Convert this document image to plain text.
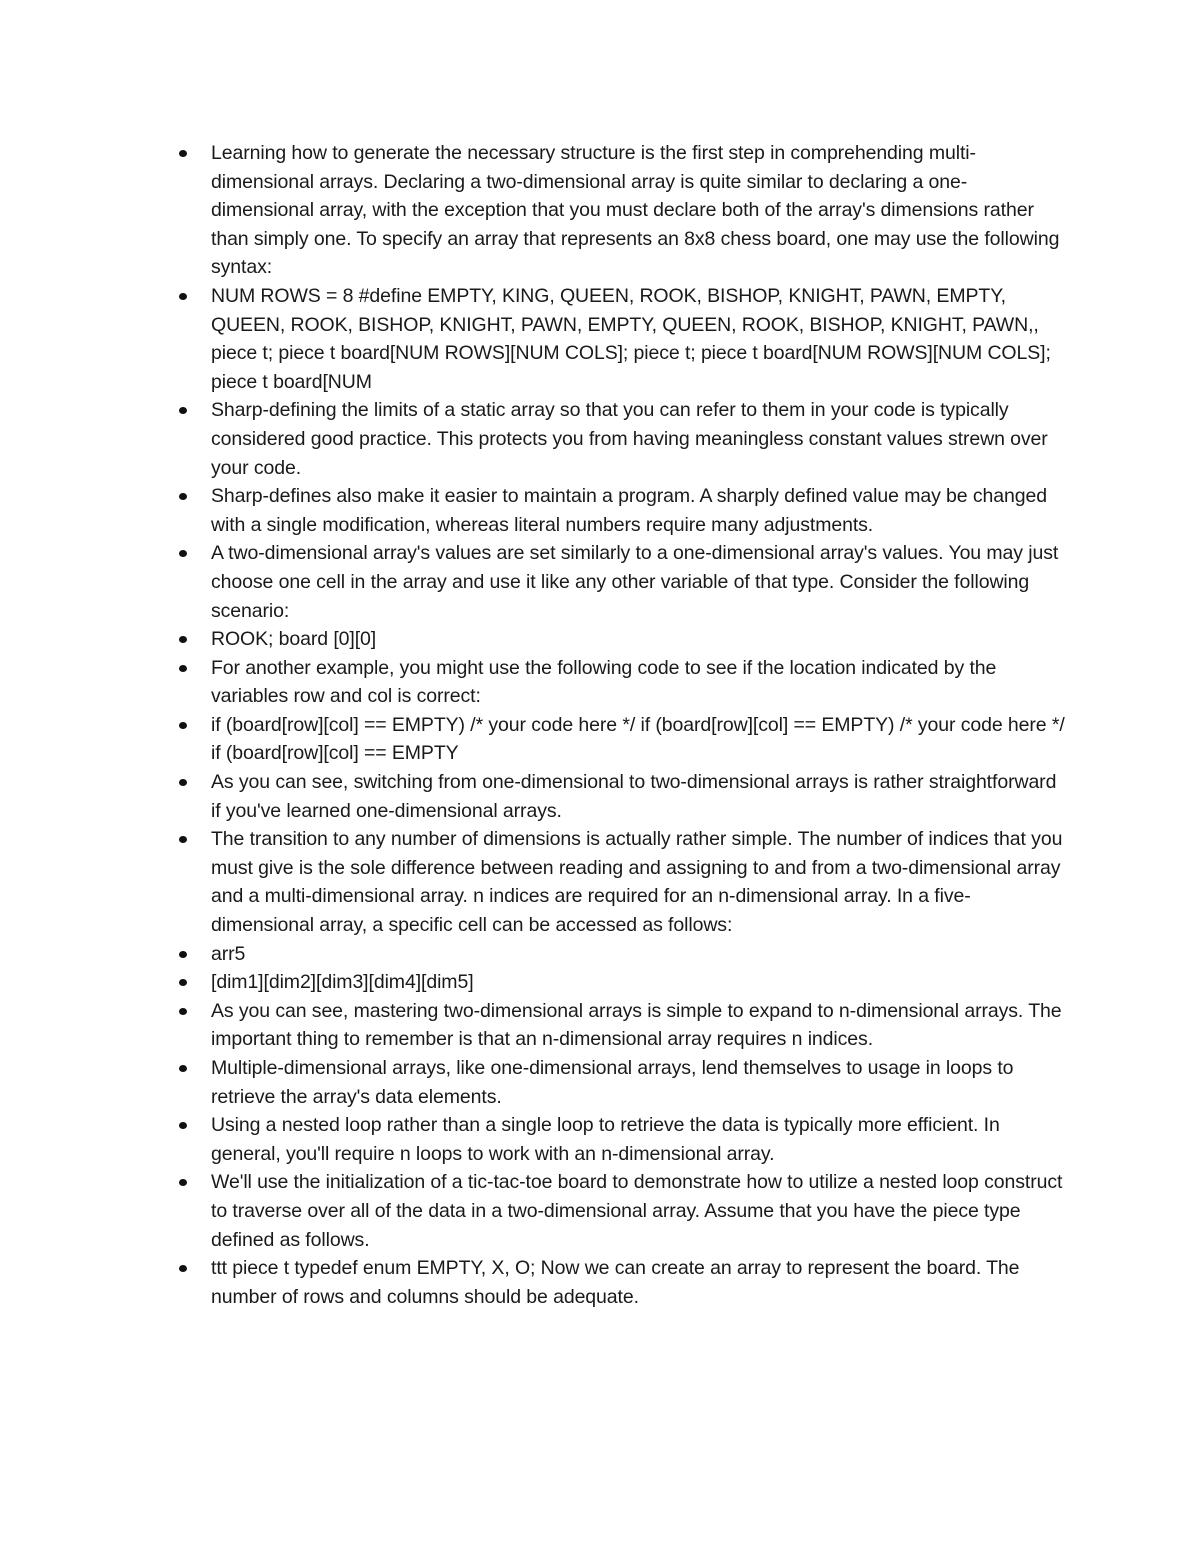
Learning how to generate the necessary structure is the first step in comprehending multi-dimensional arrays. Declaring a two-dimensional array is quite similar to declaring a one-dimensional array, with the exception that you must declare both of the array's dimensions rather than simply one. To specify an array that represents an 8x8 chess board, one may use the following syntax:
NUM ROWS = 8 #define EMPTY, KING, QUEEN, ROOK, BISHOP, KNIGHT, PAWN, EMPTY, QUEEN, ROOK, BISHOP, KNIGHT, PAWN, EMPTY, QUEEN, ROOK, BISHOP, KNIGHT, PAWN,, piece t; piece t board[NUM ROWS][NUM COLS]; piece t; piece t board[NUM ROWS][NUM COLS]; piece t board[NUM
Sharp-defining the limits of a static array so that you can refer to them in your code is typically considered good practice. This protects you from having meaningless constant values strewn over your code.
Sharp-defines also make it easier to maintain a program. A sharply defined value may be changed with a single modification, whereas literal numbers require many adjustments.
A two-dimensional array's values are set similarly to a one-dimensional array's values. You may just choose one cell in the array and use it like any other variable of that type. Consider the following scenario:
ROOK; board [0][0]
For another example, you might use the following code to see if the location indicated by the variables row and col is correct:
if (board[row][col] == EMPTY) /* your code here */ if (board[row][col] == EMPTY) /* your code here */ if (board[row][col] == EMPTY
As you can see, switching from one-dimensional to two-dimensional arrays is rather straightforward if you've learned one-dimensional arrays.
The transition to any number of dimensions is actually rather simple. The number of indices that you must give is the sole difference between reading and assigning to and from a two-dimensional array and a multi-dimensional array. n indices are required for an n-dimensional array. In a five-dimensional array, a specific cell can be accessed as follows:
arr5
[dim1][dim2][dim3][dim4][dim5]
As you can see, mastering two-dimensional arrays is simple to expand to n-dimensional arrays. The important thing to remember is that an n-dimensional array requires n indices.
Multiple-dimensional arrays, like one-dimensional arrays, lend themselves to usage in loops to retrieve the array's data elements.
Using a nested loop rather than a single loop to retrieve the data is typically more efficient. In general, you'll require n loops to work with an n-dimensional array.
We'll use the initialization of a tic-tac-toe board to demonstrate how to utilize a nested loop construct to traverse over all of the data in a two-dimensional array. Assume that you have the piece type defined as follows.
ttt piece t typedef enum EMPTY, X, O; Now we can create an array to represent the board. The number of rows and columns should be adequate.
